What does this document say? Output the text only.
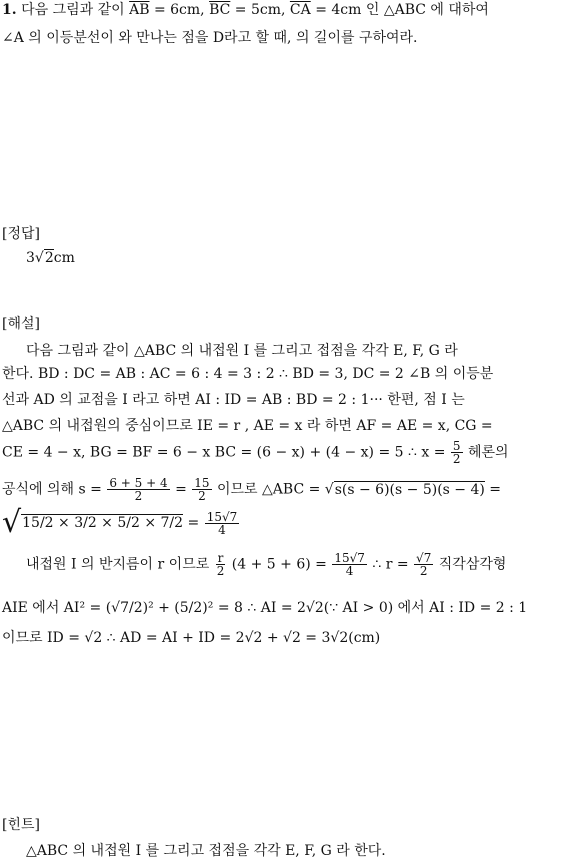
1. 다음 그림과 같이 $\overline{AB} = 6cm$, $\overline{BC} = 5cm$, $\overline{CA} = 4cm$ 인 △ABC 에 대하여
∠A 의 이등분선이 와 만나는 점을 D라고 할 때, 의 길이를 구하여라.
[정답]
3√2cm
[해설]
다음 그림과 같이 △ABC 의 내접원 I 를 그리고 접점을 각각 E, F, G 라
한다. BD : DC = AB : AC = 6 : 4 = 3 : 2 ∴ BD = 3, DC = 2 ∠B 의 이등분
선과 AD 의 교점을 I 라고 하면 AI : ID = AB : BD = 2 : 1··· 한편, 점 I 는
△ABC 의 내접원의 중심이므로 IE = r , AE = x 라 하면 AF = AE = x, CG =
CE = 4 − x, BG = BF = 6 − x BC = (6 − x) + (4 − x) = 5 ∴ $x = \frac{5}{2}$ 헤론의
공식에 의해 $s = \frac{6 + 5 + 4}{2} = \frac{15}{2}$ 이므로 △ABC = √s(s − 6)(s − 5)(s − 4) =
$√15/2 \times 3/2 \times 5/2 \times 7/2 = \frac{15√7}{4}$
내접원 I 의 반지름이 r 이므로 $\frac{r}{2} (4 + 5 + 6) = \frac{15√7}{4}$ ∴ $r = \frac{√7}{2}$ 직각삼각형
AIE 에서 AI² = (√7/2)² + (5/2)² = 8 ∴ AI = 2√2(∵ AI > 0) 에서 AI : ID = 2 : 1
이므로 ID = √2 ∴ AD = AI + ID = 2√2 + √2 = 3√2(cm)
[힌트]
△ABC 의 내접원 I 를 그리고 접점을 각각 E, F, G 라 한다.
